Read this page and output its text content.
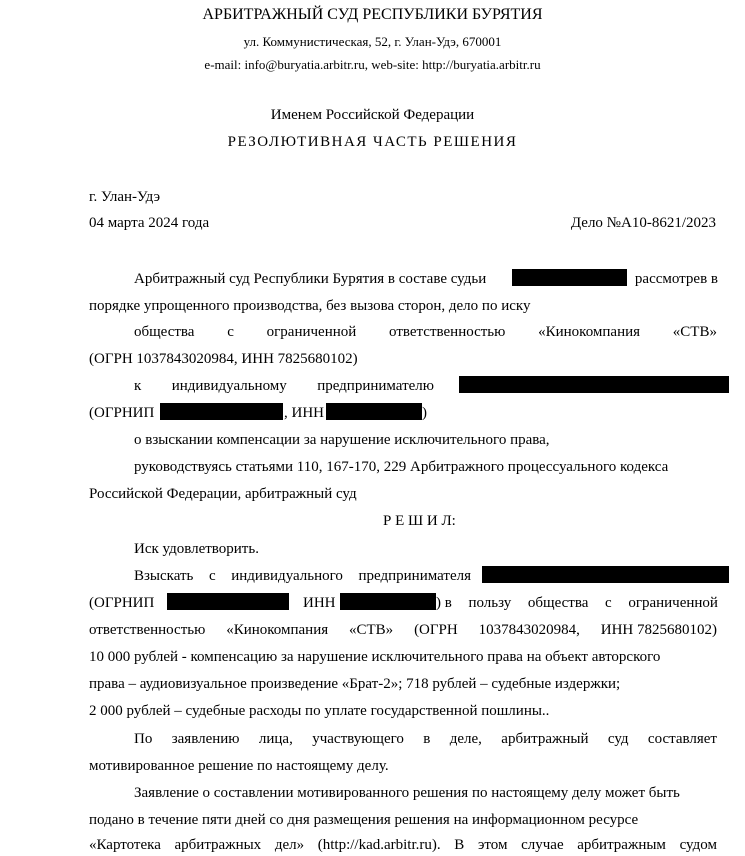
АРБИТРАЖНЫЙ СУД РЕСПУБЛИКИ БУРЯТИЯ
ул. Коммунистическая, 52, г. Улан-Удэ, 670001
e-mail: info@buryatia.arbitr.ru, web-site: http://buryatia.arbitr.ru
Именем Российской Федерации
РЕЗОЛЮТИВНАЯ ЧАСТЬ РЕШЕНИЯ
г. Улан-Удэ
04 марта 2024 года	Дело №А10-8621/2023
Арбитражный суд Республики Бурятия в составе судьи	рассмотрев в
порядке упрощенного производства, без вызова сторон, дело по иску
общества с ограниченной ответственностью «Кинокомпания «СТВ»
(ОГРН 1037843020984, ИНН 7825680102)
к индивидуальному предпринимателю
(ОГРНИП	, ИНН	)
о взыскании компенсации за нарушение исключительного права,
руководствуясь статьями 110, 167-170, 229 Арбитражного процессуального кодекса
Российской Федерации, арбитражный суд
Р Е Ш И Л:
Иск удовлетворить.
Взыскать с индивидуального предпринимателя
(ОГРНИП	ИНН	) в пользу общества с ограниченной
ответственностью «Кинокомпания «СТВ» (ОГРН 1037843020984, ИНН 7825680102)
10 000 рублей - компенсацию за нарушение исключительного права на объект авторского
права – аудиовизуальное произведение «Брат-2»; 718 рублей – судебные издержки;
2 000 рублей – судебные расходы по уплате государственной пошлины..
По заявлению лица, участвующего в деле, арбитражный суд составляет
мотивированное решение по настоящему делу.
Заявление о составлении мотивированного решения по настоящему делу может быть
подано в течение пяти дней со дня размещения решения на информационном ресурсе
«Картотека арбитражных дел» (http://kad.arbitr.ru). В этом случае арбитражным судом
